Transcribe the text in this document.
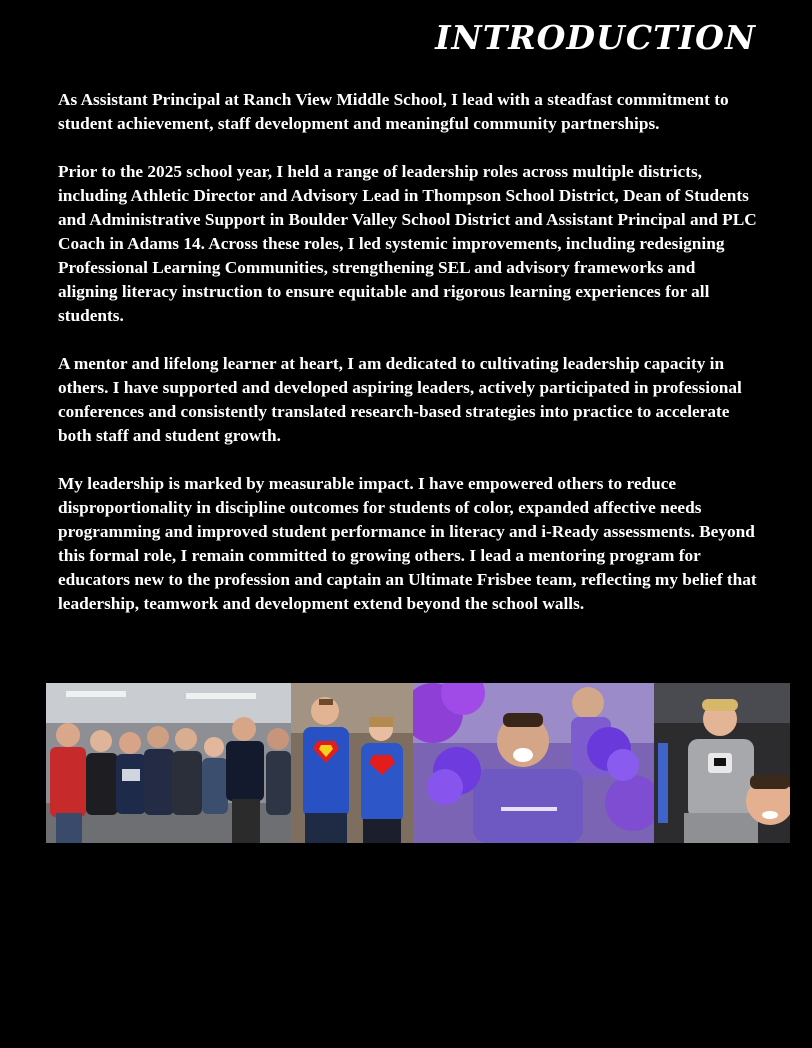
INTRODUCTION

As Assistant Principal at Ranch View Middle School, I lead with a steadfast commitment to student achievement, staff development and meaningful community partnerships.

Prior to the 2025 school year, I held a range of leadership roles across multiple districts, including Athletic Director and Advisory Lead in Thompson School District, Dean of Students and Administrative Support in Boulder Valley School District and Assistant Principal and PLC Coach in Adams 14. Across these roles, I led systemic improvements, including redesigning Professional Learning Communities, strengthening SEL and advisory frameworks and aligning literacy instruction to ensure equitable and rigorous learning experiences for all students.

A mentor and lifelong learner at heart, I am dedicated to cultivating leadership capacity in others. I have supported and developed aspiring leaders, actively participated in professional conferences and consistently translated research-based strategies into practice to accelerate both staff and student growth.

My leadership is marked by measurable impact. I have empowered others to reduce disproportionality in discipline outcomes for students of color, expanded affective needs programming and improved student performance in literacy and i-Ready assessments. Beyond this formal role, I remain committed to growing others. I lead a mentoring program for educators new to the profession and captain an Ultimate Frisbee team, reflecting my belief that leadership, teamwork and development extend beyond the school walls.
